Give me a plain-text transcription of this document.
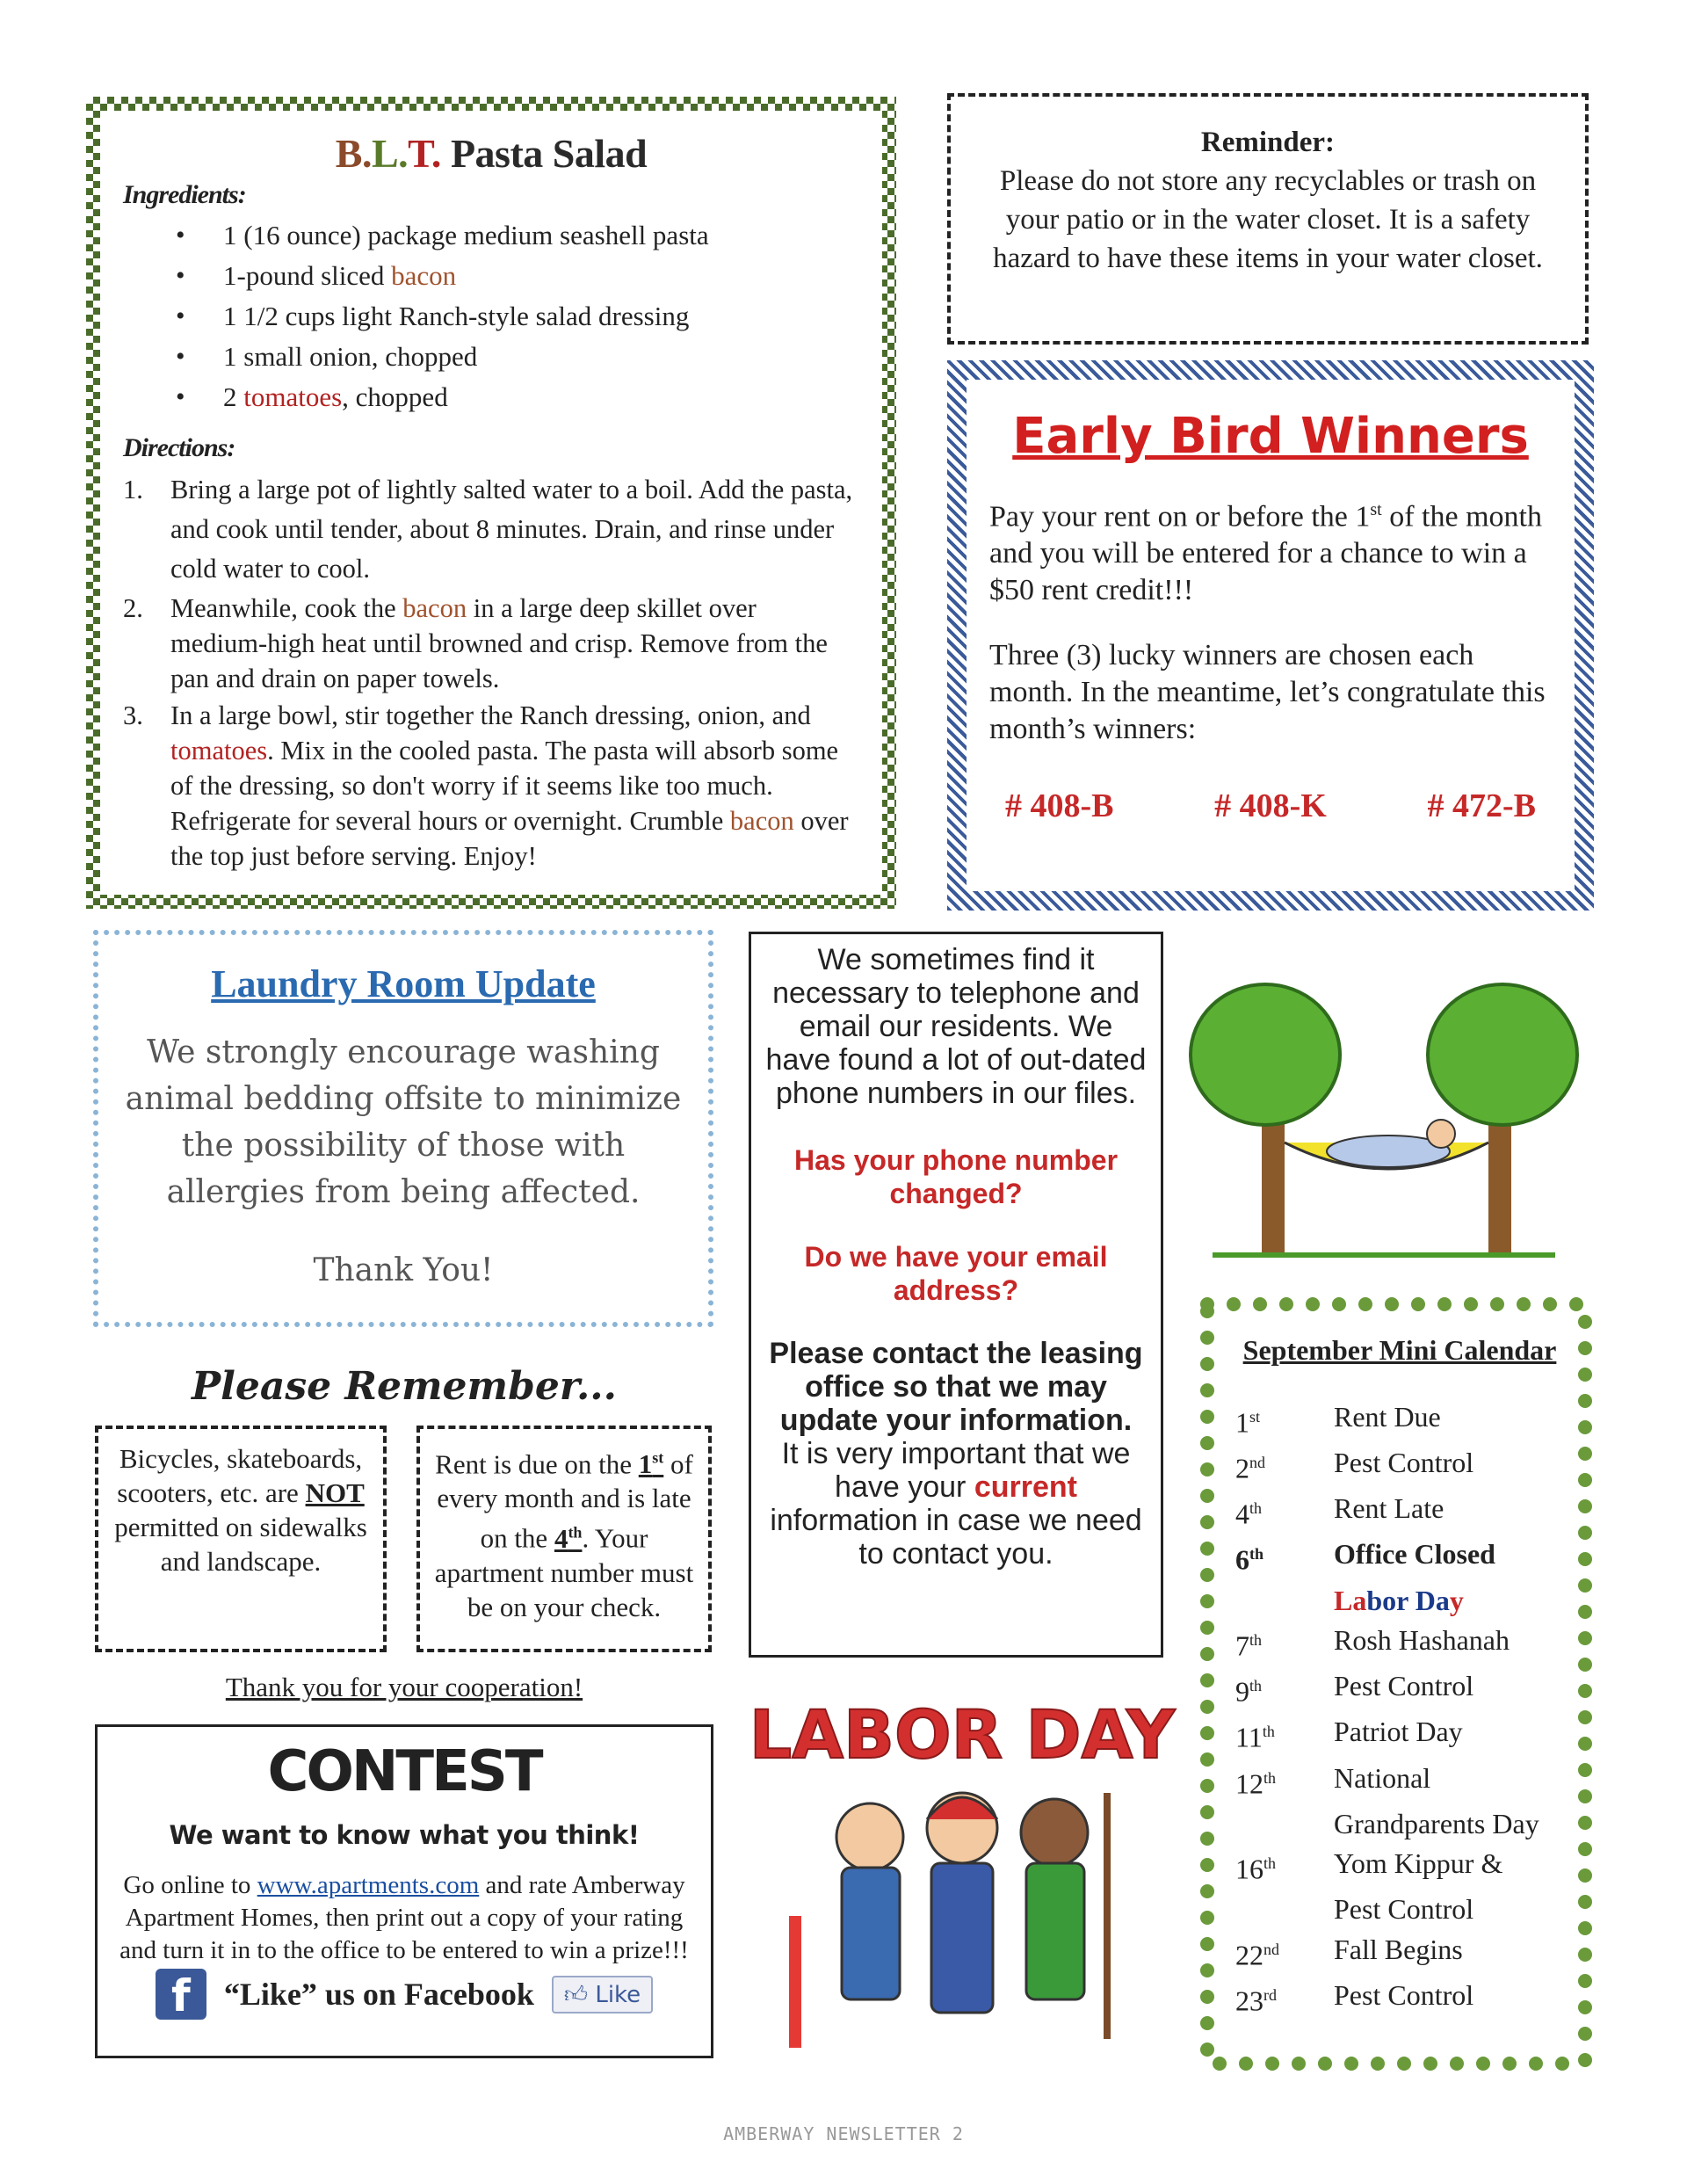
B.L.T. Pasta Salad

Ingredients:

• 1 (16 ounce) package medium seashell pasta
• 1-pound sliced bacon
• 1 1/2 cups light Ranch-style salad dressing
• 1 small onion, chopped
• 2 tomatoes, chopped

Directions:

1. Bring a large pot of lightly salted water to a boil. Add the pasta, and cook until tender, about 8 minutes. Drain, and rinse under cold water to cool.
2. Meanwhile, cook the bacon in a large deep skillet over medium-high heat until browned and crisp. Remove from the pan and drain on paper towels.
3. In a large bowl, stir together the Ranch dressing, onion, and tomatoes. Mix in the cooled pasta. The pasta will absorb some of the dressing, so don't worry if it seems like too much. Refrigerate for several hours or overnight. Crumble bacon over the top just before serving. Enjoy!
Reminder:
Please do not store any recyclables or trash on your patio or in the water closet. It is a safety hazard to have these items in your water closet.
Early Bird Winners

Pay your rent on or before the 1st of the month and you will be entered for a chance to win a $50 rent credit!!!

Three (3) lucky winners are chosen each month. In the meantime, let’s congratulate this month’s winners:

# 408-B	# 408-K	# 472-B
Laundry Room Update

We strongly encourage washing animal bedding offsite to minimize the possibility of those with allergies from being affected.

Thank You!

We sometimes find it necessary to telephone and email our residents. We have found a lot of out-dated phone numbers in our files.

Has your phone number changed?

Do we have your email address?

Please contact the leasing office so that we may update your information.

It is very important that we have your current information in case we need to contact you.

September Mini Calendar
1st	Rent Due
2nd	Pest Control
4th	Rent Late
6th	Office Closed
Labor Day
7th	Rosh Hashanah
9th	Pest Control
11th	Patriot Day
12th	National
Grandparents Day
16th	Yom Kippur &
Pest Control
22nd	Fall Begins
23rd	Pest Control
Please Remember...
Bicycles, skateboards, scooters, etc. are NOT permitted on sidewalks and landscape.
Rent is due on the 1st of every month and is late on the 4th. Your apartment number must be on your check.
Thank you for your cooperation!
CONTEST
We want to know what you think!

Go online to www.apartments.com and rate Amberway Apartment Homes, then print out a copy of your rating and turn it in to the office to be entered to win a prize!!!

f	“Like” us on Facebook	👍︎ Like
LABOR DAY
AMBERWAY NEWSLETTER 2
